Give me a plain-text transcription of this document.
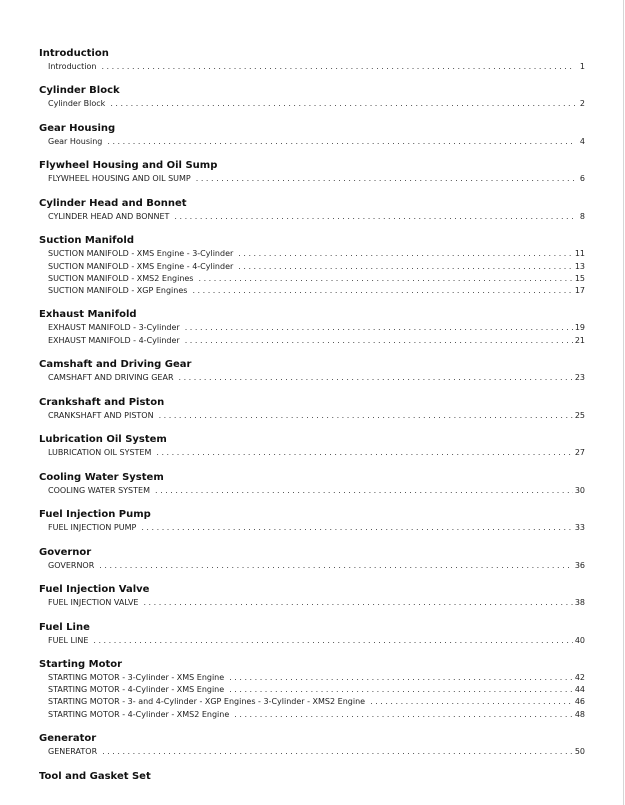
Introduction
Introduction . . .	1
Cylinder Block
Cylinder Block . . .	2
Gear Housing
Gear Housing . . .	4
Flywheel Housing and Oil Sump
FLYWHEEL HOUSING AND OIL SUMP . . .	6
Cylinder Head and Bonnet
CYLINDER HEAD AND BONNET . . .	8
Suction Manifold
SUCTION MANIFOLD - XMS Engine - 3-Cylinder . . .	11
SUCTION MANIFOLD - XMS Engine - 4-Cylinder . . .	13
SUCTION MANIFOLD - XMS2 Engines . . .	15
SUCTION MANIFOLD - XGP Engines . . .	17
Exhaust Manifold
EXHAUST MANIFOLD - 3-Cylinder . . .	19
EXHAUST MANIFOLD - 4-Cylinder . . .	21
Camshaft and Driving Gear
CAMSHAFT AND DRIVING GEAR . . .	23
Crankshaft and Piston
CRANKSHAFT AND PISTON . . .	25
Lubrication Oil System
LUBRICATION OIL SYSTEM . . .	27
Cooling Water System
COOLING WATER SYSTEM . . .	30
Fuel Injection Pump
FUEL INJECTION PUMP . . .	33
Governor
GOVERNOR . . .	36
Fuel Injection Valve
FUEL INJECTION VALVE . . .	38
Fuel Line
FUEL LINE . . .	40
Starting Motor
STARTING MOTOR - 3-Cylinder - XMS Engine . . .	42
STARTING MOTOR - 4-Cylinder - XMS Engine . . .	44
STARTING MOTOR - 3- and 4-Cylinder - XGP Engines - 3-Cylinder - XMS2 Engine . . .	46
STARTING MOTOR - 4-Cylinder - XMS2 Engine . . .	48
Generator
GENERATOR . . .	50
Tool and Gasket Set
